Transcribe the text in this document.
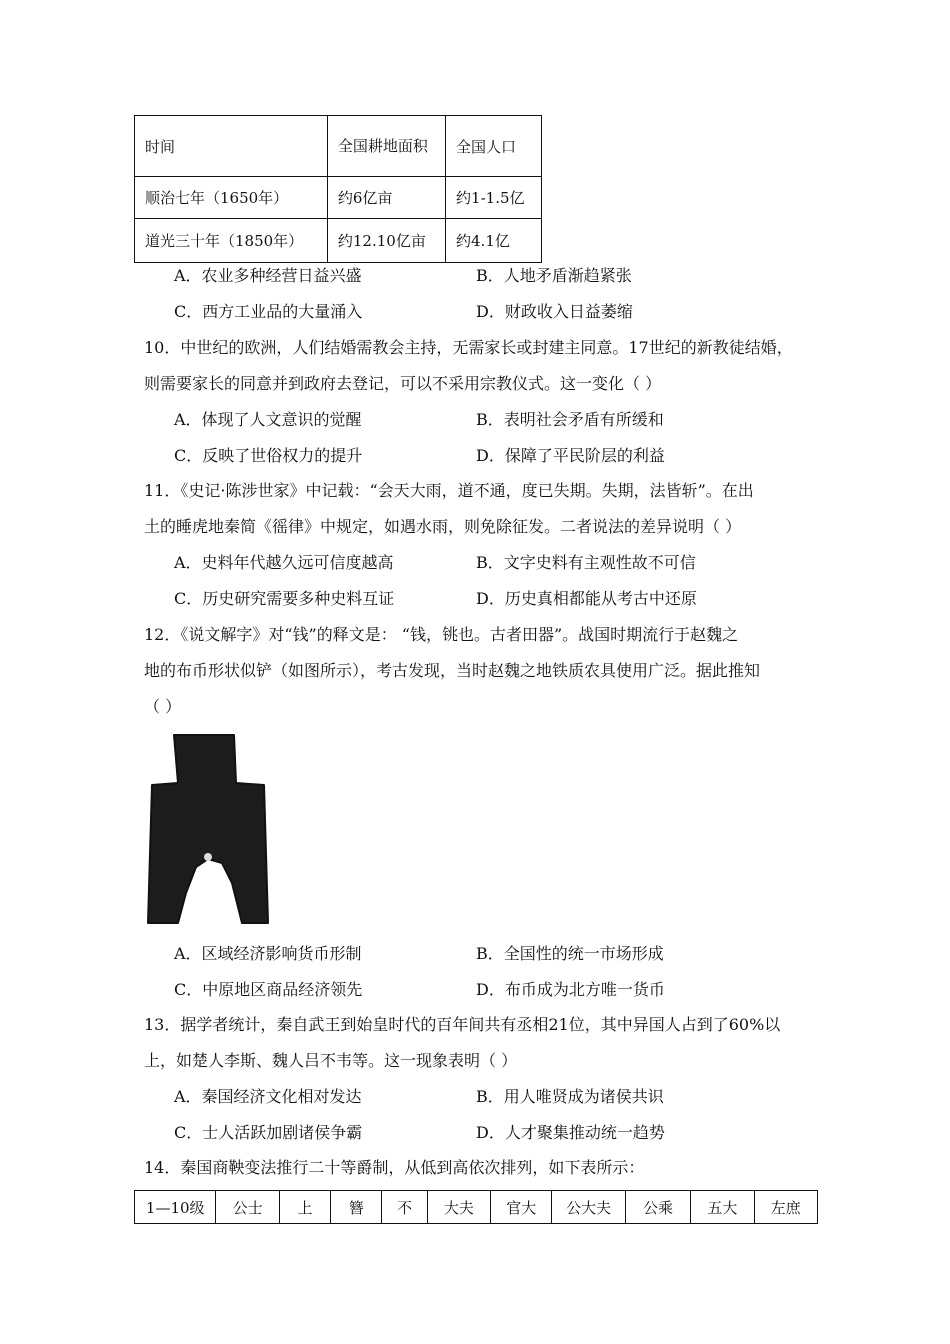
时间	全国耕地面积	全国人口
顺治七年（1650年）	约6亿亩	约1-1.5亿
道光三十年（1850年）	约12.10亿亩	约4.1亿
A．农业多种经营日益兴盛	B．人地矛盾渐趋紧张
C．西方工业品的大量涌入	D．财政收入日益萎缩
10．中世纪的欧洲，人们结婚需教会主持，无需家长或封建主同意。17世纪的新教徒结婚，
则需要家长的同意并到政府去登记，可以不采用宗教仪式。这一变化（ ）
A．体现了人文意识的觉醒	B．表明社会矛盾有所缓和
C．反映了世俗权力的提升	D．保障了平民阶层的利益
11．《史记·陈涉世家》中记载：“会天大雨，道不通，度已失期。失期，法皆斩”。在出
土的睡虎地秦简《徭律》中规定，如遇水雨，则免除征发。二者说法的差异说明（ ）
A．史料年代越久远可信度越高	B．文字史料有主观性故不可信
C．历史研究需要多种史料互证	D．历史真相都能从考古中还原
12．《说文解字》对“钱”的释文是： “钱，铫也。古者田器”。战国时期流行于赵魏之
地的布币形状似铲（如图所示），考古发现，当时赵魏之地铁质农具使用广泛。据此推知
（ ）
A．区域经济影响货币形制	B．全国性的统一市场形成
C．中原地区商品经济领先	D．布币成为北方唯一货币
13．据学者统计，秦自武王到始皇时代的百年间共有丞相21位，其中异国人占到了60%以
上，如楚人李斯、魏人吕不韦等。这一现象表明（ ）
A．秦国经济文化相对发达	B．用人唯贤成为诸侯共识
C．士人活跃加剧诸侯争霸	D．人才聚集推动统一趋势
14．秦国商鞅变法推行二十等爵制，从低到高依次排列，如下表所示：
1—10级	公士	上	簪	不	大夫	官大	公大夫	公乘	五大	左庶
